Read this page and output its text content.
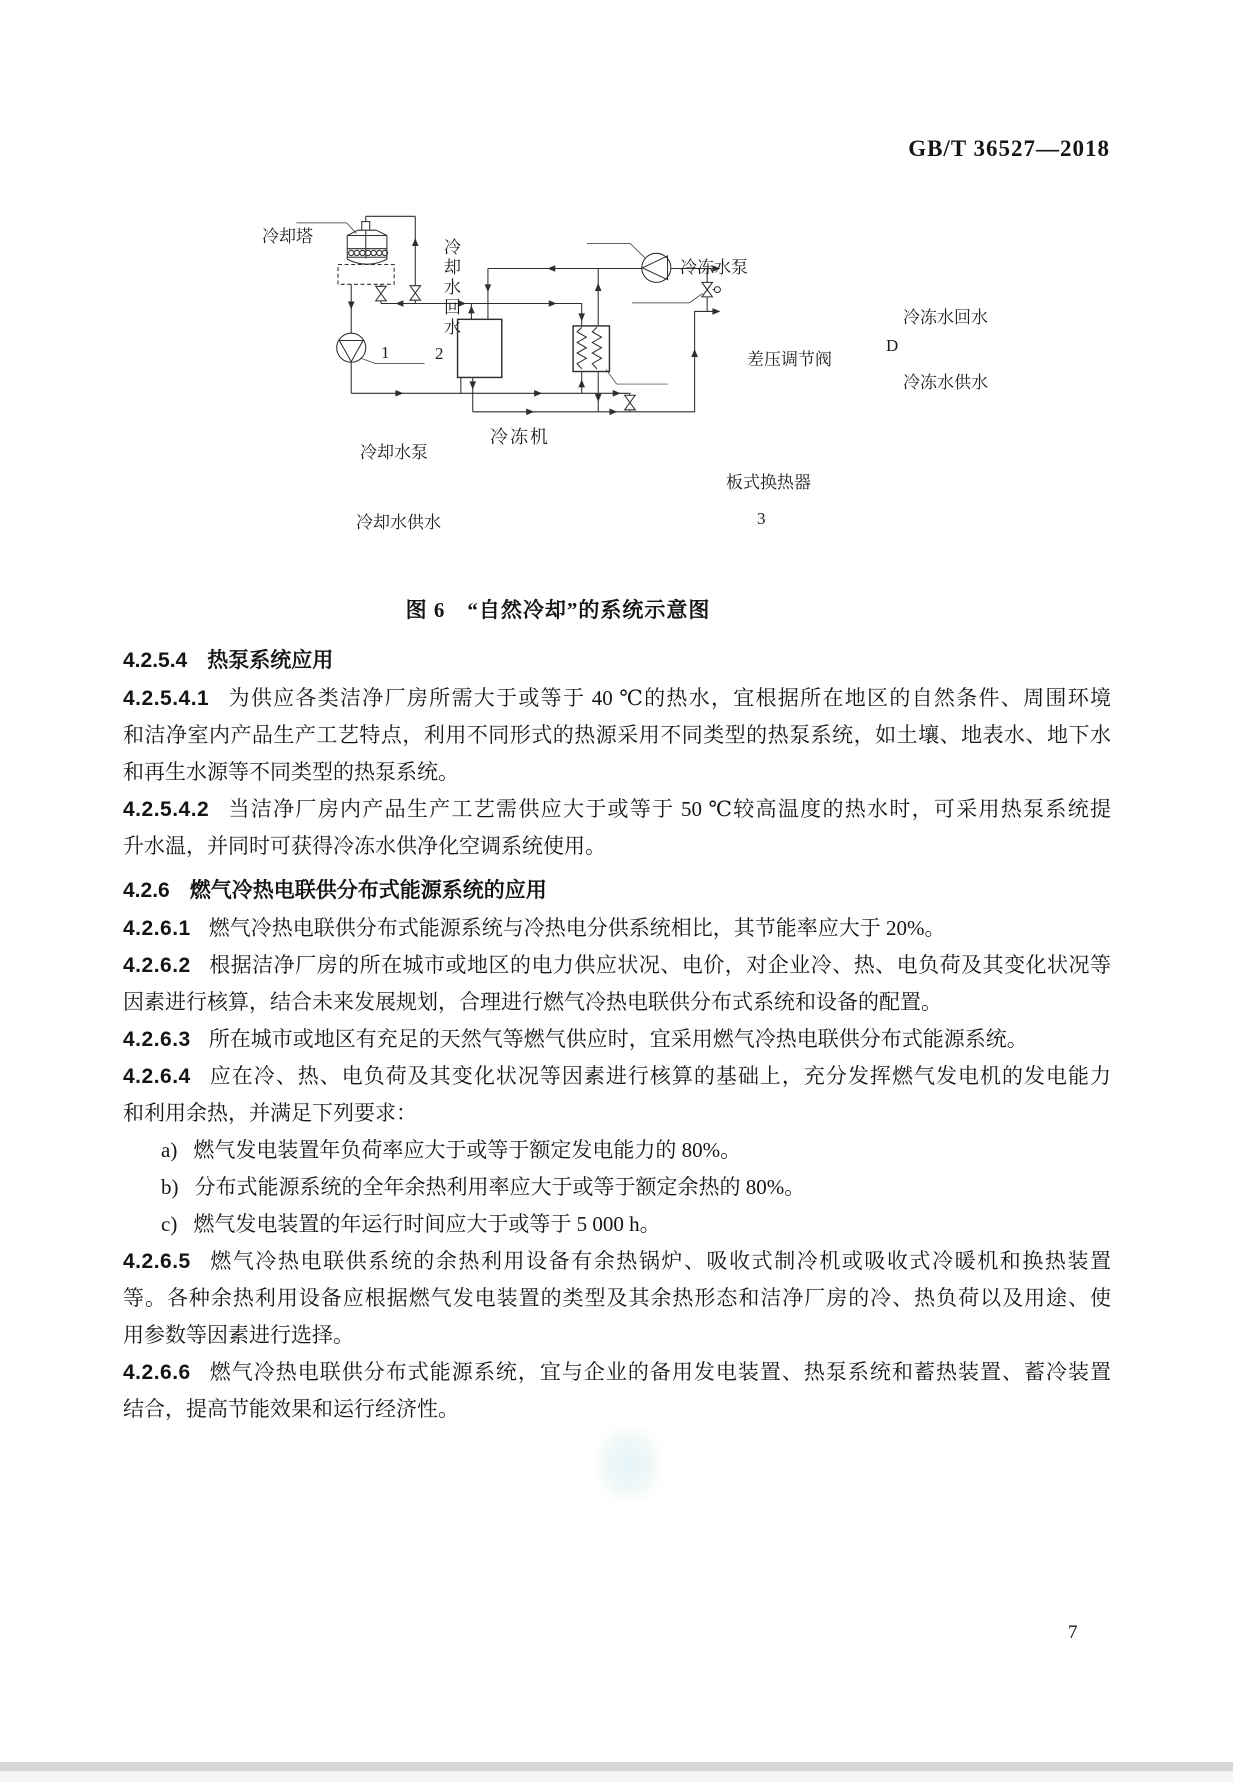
GB/T 36527—2018
冷却塔
冷却水回水
1	2
冷冻水泵
冷冻水回水
差压调节阀
D
冷冻水供水
冷却水泵
冷冻机
板式换热器
冷却水供水	3
图 6　“自然冷却”的系统示意图
4.2.5.4 热泵系统应用
4.2.5.4.1 为供应各类洁净厂房所需大于或等于 40 ℃的热水，宜根据所在地区的自然条件、周围环境
和洁净室内产品生产工艺特点，利用不同形式的热源采用不同类型的热泵系统，如土壤、地表水、地下水
和再生水源等不同类型的热泵系统。
4.2.5.4.2 当洁净厂房内产品生产工艺需供应大于或等于 50 ℃较高温度的热水时，可采用热泵系统提
升水温，并同时可获得冷冻水供净化空调系统使用。
4.2.6 燃气冷热电联供分布式能源系统的应用
4.2.6.1 燃气冷热电联供分布式能源系统与冷热电分供系统相比，其节能率应大于 20%。
4.2.6.2 根据洁净厂房的所在城市或地区的电力供应状况、电价，对企业冷、热、电负荷及其变化状况等
因素进行核算，结合未来发展规划，合理进行燃气冷热电联供分布式系统和设备的配置。
4.2.6.3 所在城市或地区有充足的天然气等燃气供应时，宜采用燃气冷热电联供分布式能源系统。
4.2.6.4 应在冷、热、电负荷及其变化状况等因素进行核算的基础上，充分发挥燃气发电机的发电能力
和利用余热，并满足下列要求：
a) 燃气发电装置年负荷率应大于或等于额定发电能力的 80%。
b) 分布式能源系统的全年余热利用率应大于或等于额定余热的 80%。
c) 燃气发电装置的年运行时间应大于或等于 5 000 h。
4.2.6.5 燃气冷热电联供系统的余热利用设备有余热锅炉、吸收式制冷机或吸收式冷暖机和换热装置
等。各种余热利用设备应根据燃气发电装置的类型及其余热形态和洁净厂房的冷、热负荷以及用途、使
用参数等因素进行选择。
4.2.6.6 燃气冷热电联供分布式能源系统，宜与企业的备用发电装置、热泵系统和蓄热装置、蓄冷装置
结合，提高节能效果和运行经济性。
7
